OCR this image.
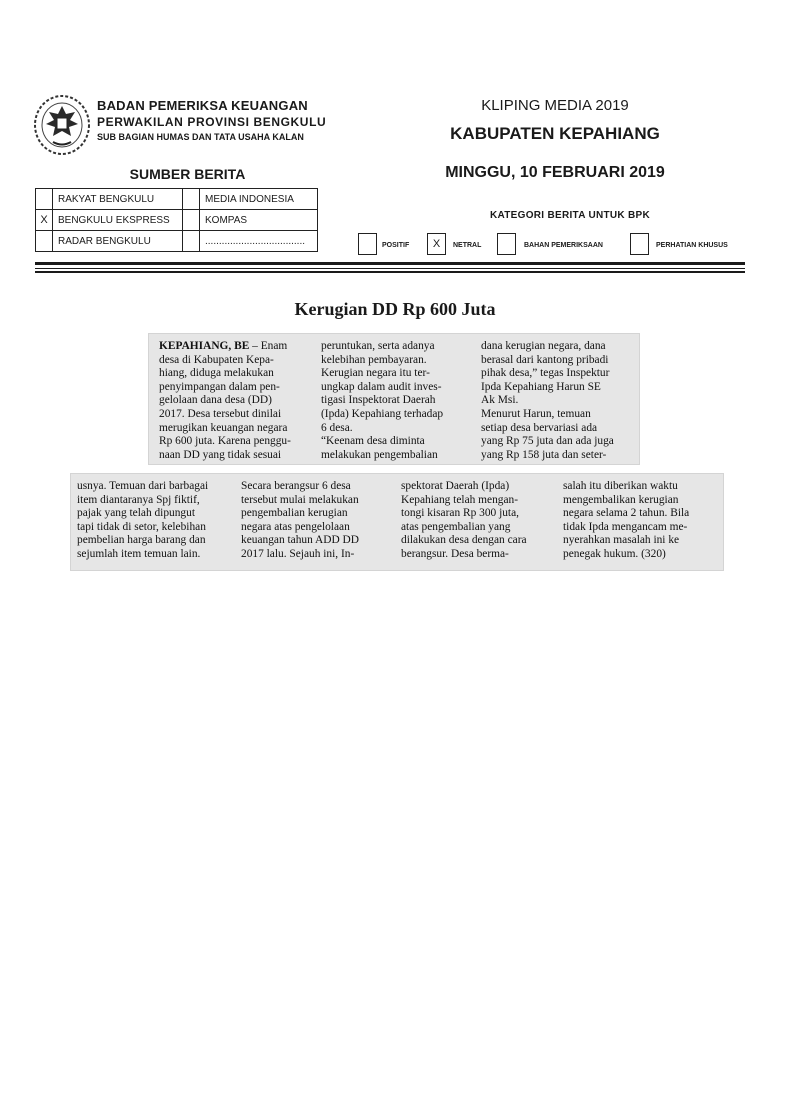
BADAN PEMERIKSA KEUANGAN
PERWAKILAN PROVINSI BENGKULU
SUB BAGIAN HUMAS DAN TATA USAHA KALAN
KLIPING MEDIA 2019
KABUPATEN KEPAHIANG
MINGGU, 10 FEBRUARI 2019
SUMBER BERITA
	RAKYAT BENGKULU		MEDIA INDONESIA
X	BENGKULU EKSPRESS		KOMPAS
	RADAR BENGKULU		....................................
KATEGORI BERITA UNTUK BPK
POSITIF	X	NETRAL	BAHAN PEMERIKSAAN	PERHATIAN KHUSUS
Kerugian DD Rp 600 Juta
KEPAHIANG, BE – Enam
desa di Kabupaten Kepa-
hiang, diduga melakukan
penyimpangan dalam pen-
gelolaan dana desa (DD)
2017. Desa tersebut dinilai
merugikan keuangan negara
Rp 600 juta. Karena penggu-
naan DD yang tidak sesuai
peruntukan, serta adanya
kelebihan pembayaran.
Kerugian negara itu ter-
ungkap dalam audit inves-
tigasi Inspektorat Daerah
(Ipda) Kepahiang terhadap
6 desa.
“Keenam desa diminta
melakukan pengembalian
dana kerugian negara, dana
berasal dari kantong pribadi
pihak desa,” tegas Inspektur
Ipda Kepahiang Harun SE
Ak Msi.
Menurut Harun, temuan
setiap desa bervariasi ada
yang Rp 75 juta dan ada juga
yang Rp 158 juta dan seter-
usnya. Temuan dari barbagai
item diantaranya Spj fiktif,
pajak yang telah dipungut
tapi tidak di setor, kelebihan
pembelian harga barang dan
sejumlah item temuan lain.
Secara berangsur 6 desa
tersebut mulai melakukan
pengembalian kerugian
negara atas pengelolaan
keuangan tahun ADD DD
2017 lalu. Sejauh ini, In-
spektorat Daerah (Ipda)
Kepahiang telah mengan-
tongi kisaran Rp 300 juta,
atas pengembalian yang
dilakukan desa dengan cara
berangsur. Desa berma-
salah itu diberikan waktu
mengembalikan kerugian
negara selama 2 tahun. Bila
tidak Ipda mengancam me-
nyerahkan masalah ini ke
penegak hukum. (320)
